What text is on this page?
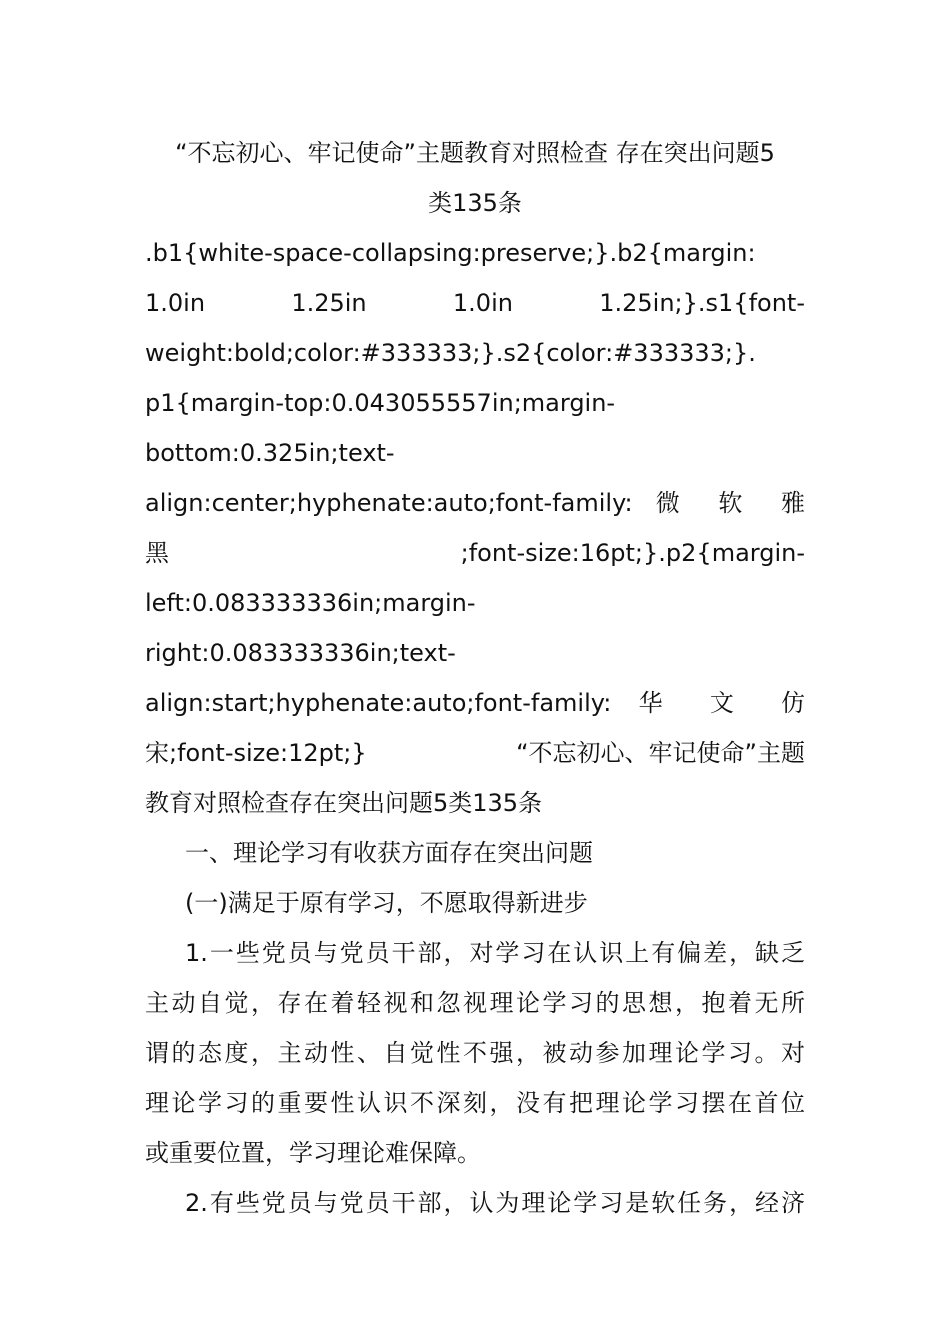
“不忘初心、牢记使命”主题教育对照检查 存在突出问题5

类135条

.b1{white-space-collapsing:preserve;}.b2{margin:

1.0in	1.25in	1.0in	1.25in;}.s1{font-

weight:bold;color:#333333;}.s2{color:#333333;}.

p1{margin-top:0.043055557in;margin-

bottom:0.325in;text-

align:center;hyphenate:auto;font-family: 微 软 雅

黑	;font-size:16pt;}.p2{margin-

left:0.083333336in;margin-

right:0.083333336in;text-

align:start;hyphenate:auto;font-family: 华 文 仿

宋;font-size:12pt;}	“不忘初心、牢记使命”主题

教育对照检查存在突出问题5类135条

一、理论学习有收获方面存在突出问题

(一)满足于原有学习，不愿取得新进步

1.一些党员与党员干部，对学习在认识上有偏差，缺乏

主动自觉，存在着轻视和忽视理论学习的思想，抱着无所

谓的态度，主动性、自觉性不强，被动参加理论学习。对

理论学习的重要性认识不深刻，没有把理论学习摆在首位

或重要位置，学习理论难保障。

2.有些党员与党员干部，认为理论学习是软任务，经济
